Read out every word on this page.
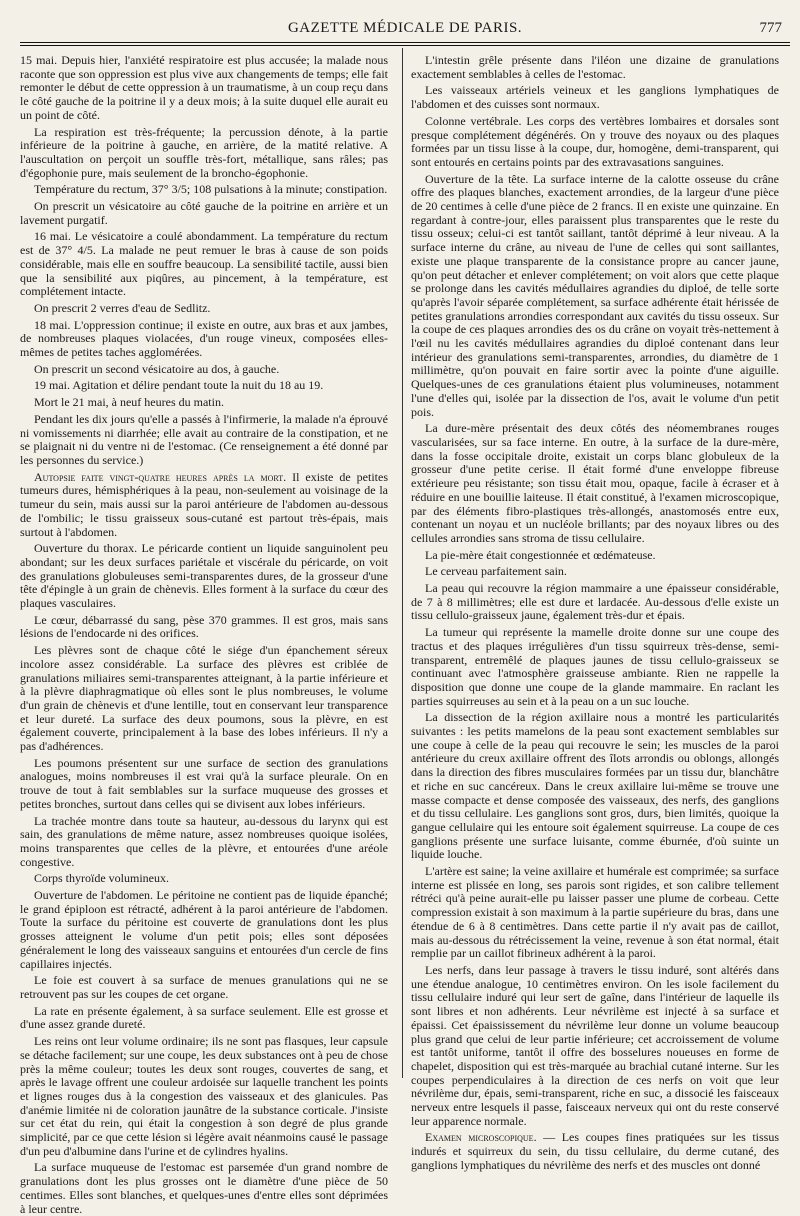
GAZETTE MÉDICALE DE PARIS.	777

15 mai. Depuis hier, l'anxiété respiratoire est plus accusée; la malade nous raconte que son oppression est plus vive aux changements de temps; elle fait remonter le début de cette oppression à un traumatisme, à un coup reçu dans le côté gauche de la poitrine il y a deux mois; à la suite duquel elle aurait eu un point de côté.

La respiration est très-fréquente; la percussion dénote, à la partie inférieure de la poitrine à gauche, en arrière, de la matité relative. A l'auscultation on perçoit un souffle très-fort, métallique, sans râles; pas d'égophonie pure, mais seulement de la broncho-égophonie.

Température du rectum, 37° 3/5; 108 pulsations à la minute; constipation.

On prescrit un vésicatoire au côté gauche de la poitrine en arrière et un lavement purgatif.

16 mai. Le vésicatoire a coulé abondamment. La température du rectum est de 37° 4/5. La malade ne peut remuer le bras à cause de son poids considérable, mais elle en souffre beaucoup. La sensibilité tactile, aussi bien que la sensibilité aux piqûres, au pincement, à la température, est complétement intacte.

On prescrit 2 verres d'eau de Sedlitz.

18 mai. L'oppression continue; il existe en outre, aux bras et aux jambes, de nombreuses plaques violacées, d'un rouge vineux, composées elles-mêmes de petites taches agglomérées.

On prescrit un second vésicatoire au dos, à gauche.

19 mai. Agitation et délire pendant toute la nuit du 18 au 19.

Mort le 21 mai, à neuf heures du matin.

Pendant les dix jours qu'elle a passés à l'infirmerie, la malade n'a éprouvé ni vomissements ni diarrhée; elle avait au contraire de la constipation, et ne se plaignait ni du ventre ni de l'estomac. (Ce renseignement a été donné par les personnes du service.)

Autopsie faite vingt-quatre heures après la mort. Il existe de petites tumeurs dures, hémisphériques à la peau, non-seulement au voisinage de la tumeur du sein, mais aussi sur la paroi antérieure de l'abdomen au-dessous de l'ombilic; le tissu graisseux sous-cutané est partout très-épais, mais surtout à l'abdomen.

Ouverture du thorax. Le péricarde contient un liquide sanguinolent peu abondant; sur les deux surfaces pariétale et viscérale du péricarde, on voit des granulations globuleuses semi-transparentes dures, de la grosseur d'une tête d'épingle à un grain de chènevis. Elles forment à la surface du cœur des plaques vasculaires.

Le cœur, débarrassé du sang, pèse 370 grammes. Il est gros, mais sans lésions de l'endocarde ni des orifices.

Les plèvres sont de chaque côté le siége d'un épanchement séreux incolore assez considérable. La surface des plèvres est criblée de granulations miliaires semi-transparentes atteignant, à la partie inférieure et à la plèvre diaphragmatique où elles sont le plus nombreuses, le volume d'un grain de chènevis et d'une lentille, tout en conservant leur transparence et leur dureté. La surface des deux poumons, sous la plèvre, en est également couverte, principalement à la base des lobes inférieurs. Il n'y a pas d'adhérences.

Les poumons présentent sur une surface de section des granulations analogues, moins nombreuses il est vrai qu'à la surface pleurale. On en trouve de tout à fait semblables sur la surface muqueuse des grosses et petites bronches, surtout dans celles qui se divisent aux lobes inférieurs.

La trachée montre dans toute sa hauteur, au-dessous du larynx qui est sain, des granulations de même nature, assez nombreuses quoique isolées, moins transparentes que celles de la plèvre, et entourées d'une aréole congestive.

Corps thyroïde volumineux.

Ouverture de l'abdomen. Le péritoine ne contient pas de liquide épanché; le grand épiploon est rétracté, adhérent à la paroi antérieure de l'abdomen. Toute la surface du péritoine est couverte de granulations dont les plus grosses atteignent le volume d'un petit pois; elles sont déposées généralement le long des vaisseaux sanguins et entourées d'un cercle de fins capillaires injectés.

Le foie est couvert à sa surface de menues granulations qui ne se retrouvent pas sur les coupes de cet organe.

La rate en présente également, à sa surface seulement. Elle est grosse et d'une assez grande dureté.

Les reins ont leur volume ordinaire; ils ne sont pas flasques, leur capsule se détache facilement; sur une coupe, les deux substances ont à peu de chose près la même couleur; toutes les deux sont rouges, couvertes de sang, et après le lavage offrent une couleur ardoisée sur laquelle tranchent les points et lignes rouges dus à la congestion des vaisseaux et des glanicules. Pas d'anémie limitée ni de coloration jaunâtre de la substance corticale. J'insiste sur cet état du rein, qui était la congestion à son degré de plus grande simplicité, par ce que cette lésion si légère avait néanmoins causé le passage d'un peu d'albumine dans l'urine et de cylindres hyalins.

La surface muqueuse de l'estomac est parsemée d'un grand nombre de granulations dont les plus grosses ont le diamètre d'une pièce de 50 centimes. Elles sont blanches, et quelques-unes d'entre elles sont déprimées à leur centre.

L'intestin grêle présente dans l'iléon une dizaine de granulations exactement semblables à celles de l'estomac.

Les vaisseaux artériels veineux et les ganglions lymphatiques de l'abdomen et des cuisses sont normaux.

Colonne vertébrale. Les corps des vertèbres lombaires et dorsales sont presque complétement dégénérés. On y trouve des noyaux ou des plaques formées par un tissu lisse à la coupe, dur, homogène, demi-transparent, qui sont entourés en certains points par des extravasations sanguines.

Ouverture de la tête. La surface interne de la calotte osseuse du crâne offre des plaques blanches, exactement arrondies, de la largeur d'une pièce de 20 centimes à celle d'une pièce de 2 francs. Il en existe une quinzaine. En regardant à contre-jour, elles paraissent plus transparentes que le reste du tissu osseux; celui-ci est tantôt saillant, tantôt déprimé à leur niveau. A la surface interne du crâne, au niveau de l'une de celles qui sont saillantes, existe une plaque transparente de la consistance propre au cancer jaune, qu'on peut détacher et enlever complétement; on voit alors que cette plaque se prolonge dans les cavités médullaires agrandies du diploé, de telle sorte qu'après l'avoir séparée complétement, sa surface adhérente était hérissée de petites granulations arrondies correspondant aux cavités du tissu osseux. Sur la coupe de ces plaques arrondies des os du crâne on voyait très-nettement à l'œil nu les cavités médullaires agrandies du diploé contenant dans leur intérieur des granulations semi-transparentes, arrondies, du diamètre de 1 millimètre, qu'on pouvait en faire sortir avec la pointe d'une aiguille. Quelques-unes de ces granulations étaient plus volumineuses, notamment l'une d'elles qui, isolée par la dissection de l'os, avait le volume d'un petit pois.

La dure-mère présentait des deux côtés des néomembranes rouges vascularisées, sur sa face interne. En outre, à la surface de la dure-mère, dans la fosse occipitale droite, existait un corps blanc globuleux de la grosseur d'une petite cerise. Il était formé d'une enveloppe fibreuse extérieure peu résistante; son tissu était mou, opaque, facile à écraser et à réduire en une bouillie laiteuse. Il était constitué, à l'examen microscopique, par des éléments fibro-plastiques très-allongés, anastomosés entre eux, contenant un noyau et un nucléole brillants; par des noyaux libres ou des cellules arrondies sans stroma de tissu cellulaire.

La pie-mère était congestionnée et œdémateuse.

Le cerveau parfaitement sain.

La peau qui recouvre la région mammaire a une épaisseur considérable, de 7 à 8 millimètres; elle est dure et lardacée. Au-dessous d'elle existe un tissu cellulo-graisseux jaune, également très-dur et épais.

La tumeur qui représente la mamelle droite donne sur une coupe des tractus et des plaques irrégulières d'un tissu squirreux très-dense, semi-transparent, entremêlé de plaques jaunes de tissu cellulo-graisseux se continuant avec l'atmosphère graisseuse ambiante. Rien ne rappelle la disposition que donne une coupe de la glande mammaire. En raclant les parties squirreuses au sein et à la peau on a un suc louche.

La dissection de la région axillaire nous a montré les particularités suivantes : les petits mamelons de la peau sont exactement semblables sur une coupe à celle de la peau qui recouvre le sein; les muscles de la paroi antérieure du creux axillaire offrent des îlots arrondis ou oblongs, allongés dans la direction des fibres musculaires formées par un tissu dur, blanchâtre et riche en suc cancéreux. Dans le creux axillaire lui-même se trouve une masse compacte et dense composée des vaisseaux, des nerfs, des ganglions et du tissu cellulaire. Les ganglions sont gros, durs, bien limités, quoique la gangue cellulaire qui les entoure soit également squirreuse. La coupe de ces ganglions présente une surface luisante, comme éburnée, d'où suinte un liquide louche.

L'artère est saine; la veine axillaire et humérale est comprimée; sa surface interne est plissée en long, ses parois sont rigides, et son calibre tellement rétréci qu'à peine aurait-elle pu laisser passer une plume de corbeau. Cette compression existait à son maximum à la partie supérieure du bras, dans une étendue de 6 à 8 centimètres. Dans cette partie il n'y avait pas de caillot, mais au-dessous du rétrécissement la veine, revenue à son état normal, était remplie par un caillot fibrineux adhérent à la paroi.

Les nerfs, dans leur passage à travers le tissu induré, sont altérés dans une étendue analogue, 10 centimètres environ. On les isole facilement du tissu cellulaire induré qui leur sert de gaîne, dans l'intérieur de laquelle ils sont libres et non adhérents. Leur névrilème est injecté à sa surface et épaissi. Cet épaississement du névrilème leur donne un volume beaucoup plus grand que celui de leur partie inférieure; cet accroissement de volume est tantôt uniforme, tantôt il offre des bosselures noueuses en forme de chapelet, disposition qui est très-marquée au brachial cutané interne. Sur les coupes perpendiculaires à la direction de ces nerfs on voit que leur névrilème dur, épais, semi-transparent, riche en suc, a dissocié les faisceaux nerveux entre lesquels il passe, faisceaux nerveux qui ont du reste conservé leur apparence normale.

Examen microscopique. — Les coupes fines pratiquées sur les tissus indurés et squirreux du sein, du tissu cellulaire, du derme cutané, des ganglions lymphatiques du névrilème des nerfs et des muscles ont donné
